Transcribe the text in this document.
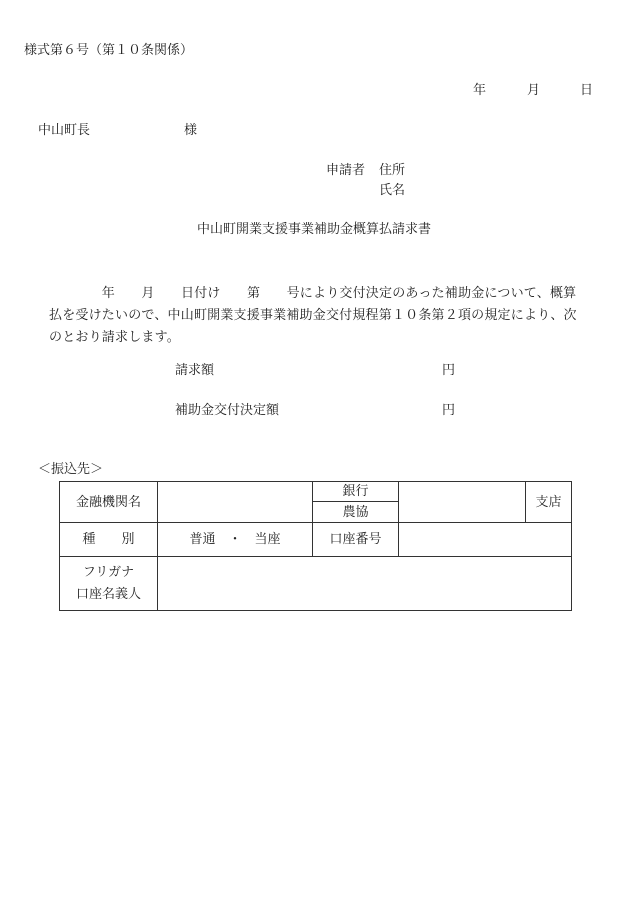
様式第６号（第１０条関係）
年	月	日
中山町長	様
申請者 住所
氏名
中山町開業支援事業補助金概算払請求書
　　　　年　　月　　日付け　　第　　号により交付決定のあった補助金について、概算払を受けたいので、中山町開業支援事業補助金交付規程第１０条第２項の規定により、次のとおり請求します。
請求額	円
補助金交付決定額	円
＜振込先＞
金融機関名		銀行		支店
		農協		
種　　別	普通　・　当座	口座番号		

フリガナ
口座名義人				
